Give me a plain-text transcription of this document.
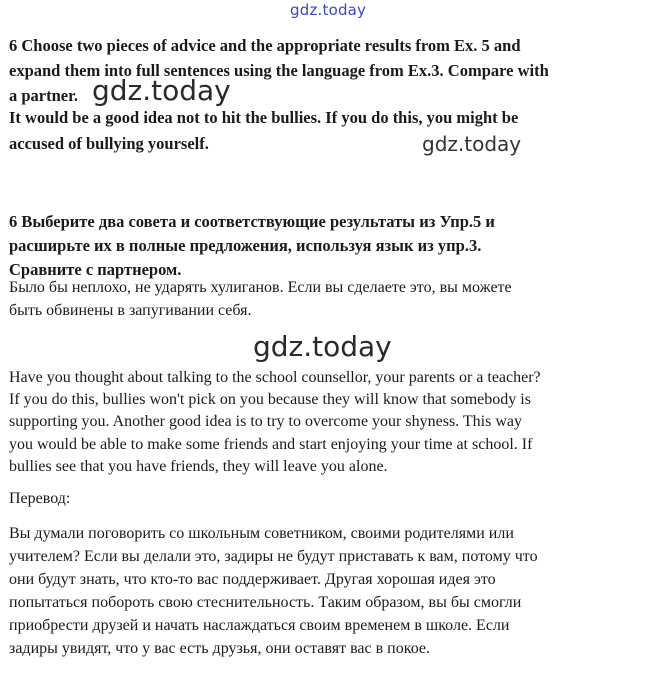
gdz.today
6 Choose two pieces of advice and the appropriate results from Ex. 5 and
expand them into full sentences using the language from Ex.3. Compare with
a partner. gdz.today
It would be a good idea not to hit the bullies. If you do this, you might be
accused of bullying yourself.	gdz.today
6 Выберите два совета и соответствующие результаты из Упр.5 и
расширьте их в полные предложения, используя язык из упр.3.
Сравните с партнером.
Было бы неплохо, не ударять хулиганов. Если вы сделаете это, вы можете
быть обвинены в запугивании себя.
gdz.today
Have you thought about talking to the school counsellor, your parents or a teacher?
If you do this, bullies won't pick on you because they will know that somebody is
supporting you. Another good idea is to try to overcome your shyness. This way
you would be able to make some friends and start enjoying your time at school. If
bullies see that you have friends, they will leave you alone.
Перевод:
Вы думали поговорить со школьным советником, своими родителями или
учителем? Если вы делали это, задиры не будут приставать к вам, потому что
они будут знать, что кто-то вас поддерживает. Другая хорошая идея это
попытаться побороть свою стеснительность. Таким образом, вы бы смогли
приобрести друзей и начать наслаждаться своим временем в школе. Если
задиры увидят, что у вас есть друзья, они оставят вас в покое.
